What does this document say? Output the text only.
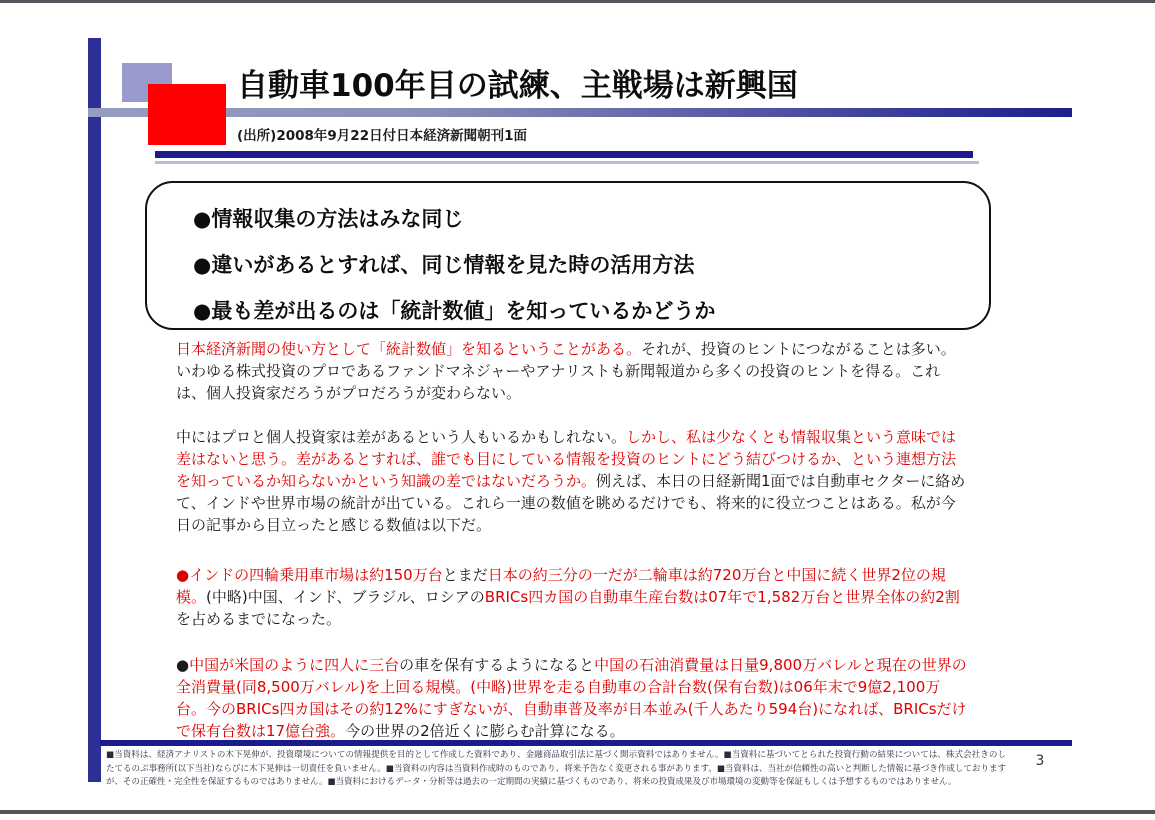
自動車100年目の試練、主戦場は新興国
(出所)2008年9月22日付日本経済新聞朝刊1面
●情報収集の方法はみな同じ
●違いがあるとすれば、同じ情報を見た時の活用方法
●最も差が出るのは「統計数値」を知っているかどうか
日本経済新聞の使い方として「統計数値」を知るということがある。それが、投資のヒントにつながることは多い。いわゆる株式投資のプロであるファンドマネジャーやアナリストも新聞報道から多くの投資のヒントを得る。これは、個人投資家だろうがプロだろうが変わらない。
中にはプロと個人投資家は差があるという人もいるかもしれない。しかし、私は少なくとも情報収集という意味では差はないと思う。差があるとすれば、誰でも目にしている情報を投資のヒントにどう結びつけるか、という連想方法を知っているか知らないかという知識の差ではないだろうか。例えば、本日の日経新聞1面では自動車セクターに絡めて、インドや世界市場の統計が出ている。これら一連の数値を眺めるだけでも、将来的に役立つことはある。私が今日の記事から目立ったと感じる数値は以下だ。
●インドの四輪乗用車市場は約150万台とまだ日本の約三分の一だが二輪車は約720万台と中国に続く世界2位の規模。(中略)中国、インド、ブラジル、ロシアのBRICs四カ国の自動車生産台数は07年で1,582万台と世界全体の約2割を占めるまでになった。
●中国が米国のように四人に三台の車を保有するようになると中国の石油消費量は日量9,800万バレルと現在の世界の全消費量(同8,500万バレル)を上回る規模。(中略)世界を走る自動車の合計台数(保有台数)は06年末で9億2,100万台。今のBRICs四カ国はその約12%にすぎないが、自動車普及率が日本並み(千人あたり594台)になれば、BRICsだけで保有台数は17億台強。今の世界の2倍近くに膨らむ計算になる。
■当資料は、経済アナリストの木下晃伸が、投資環境についての情報提供を目的として作成した資料であり、金融商品取引法に基づく開示資料ではありません。■当資料に基づいてとられた投資行動の結果については、株式会社きのしたてるのぶ事務所(以下当社)ならびに木下晃伸は一切責任を負いません。■当資料の内容は当資料作成時のものであり、将来予告なく変更される事があります。■当資料は、当社が信頼性の高いと判断した情報に基づき作成しておりますが、その正確性・完全性を保証するものではありません。■当資料におけるデータ・分析等は過去の一定期間の実績に基づくものであり、将来の投資成果及び市場環境の変動等を保証もしくは予想するものではありません。
3
